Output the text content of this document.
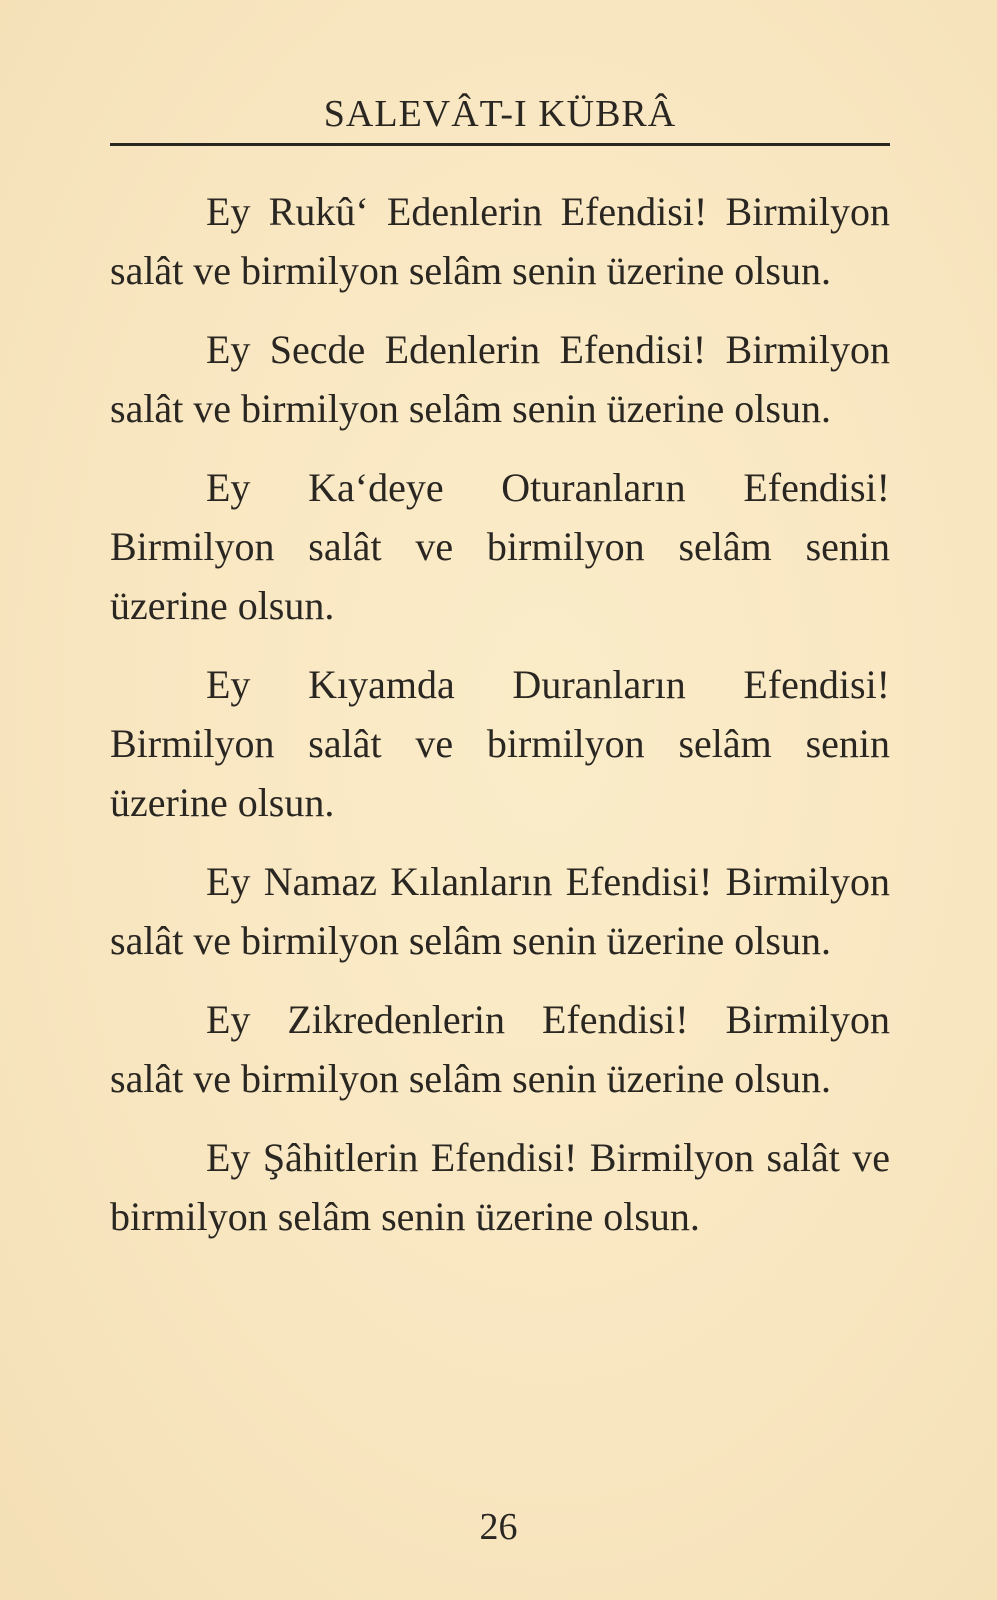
SALEVÂT-I KÜBRÂ

Ey Rukû‘ Edenlerin Efendisi! Birmilyon salât ve birmilyon selâm senin üzerine olsun.

Ey Secde Edenlerin Efendisi! Birmilyon salât ve birmilyon selâm senin üzerine olsun.

Ey Ka‘deye Oturanların Efendisi! Birmilyon salât ve birmilyon selâm senin üzerine olsun.

Ey Kıyamda Duranların Efendisi! Birmilyon salât ve birmilyon selâm senin üzerine olsun.

Ey Namaz Kılanların Efendisi! Birmilyon salât ve birmilyon selâm senin üzerine olsun.

Ey Zikredenlerin Efendisi! Birmilyon salât ve birmilyon selâm senin üzerine olsun.

Ey Şâhitlerin Efendisi! Birmilyon salât ve birmilyon selâm senin üzerine olsun.

26
